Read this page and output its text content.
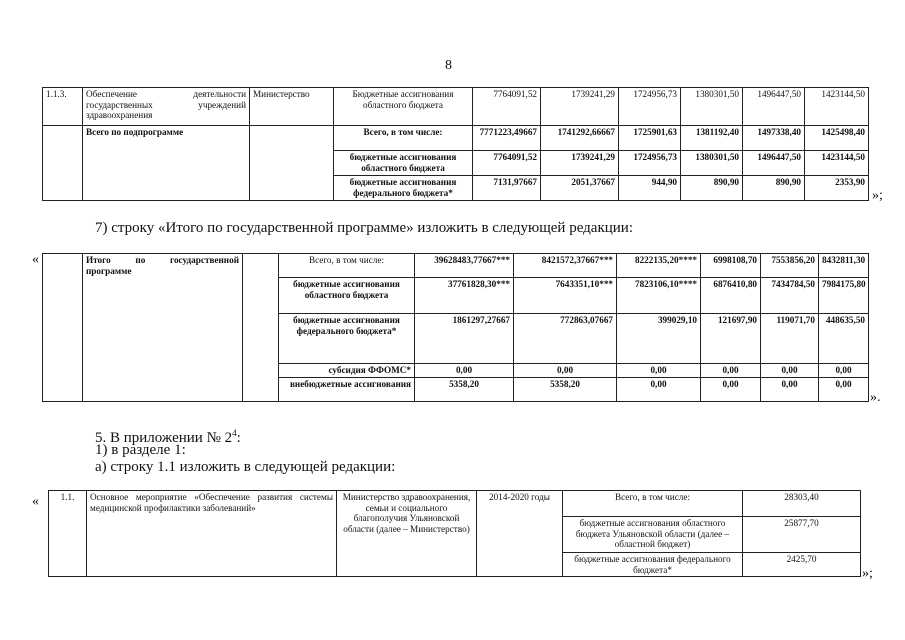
8
1.1.3.	Обеспечение деятельности государственных учреждений здравоохранения	Министерство	Бюджетные ассигнования областного бюджета	7764091,52	1739241,29	1724956,73	1380301,50	1496447,50	1423144,50
	Всего по подпрограмме		Всего, в том числе:	7771223,49667	1741292,66667	1725901,63	1381192,40	1497338,40	1425498,40
			бюджетные ассигнования областного бюджета	7764091,52	1739241,29	1724956,73	1380301,50	1496447,50	1423144,50
			бюджетные ассигнования федерального бюджета*	7131,97667	2051,37667	944,90	890,90	890,90	2353,90
»;
7) строку «Итого по государственной программе» изложить в следующей редакции:
«
		Итого по государственной программе		Всего, в том числе:	39628483,77667***	8421572,37667***	8222135,20****	6998108,70	7553856,20	8432811,30
			бюджетные ассигнования областного бюджета	37761828,30***	7643351,10***	7823106,10****	6876410,80	7434784,50	7984175,80
			бюджетные ассигнования федерального бюджета*	1861297,27667	772863,07667	399029,10	121697,90	119071,70	448635,50
			субсидия ФФОМС*	0,00	0,00	0,00	0,00	0,00	0,00
			внебюджетные ассигнования	5358,20	5358,20	0,00	0,00	0,00	0,00
».
5. В приложении № $2^4$:
1) в разделе 1:
а) строку 1.1 изложить в следующей редакции:
« 1.1.	Основное мероприятие «Обеспечение развития системы медицинской профилактики заболеваний»	Министерство здравоохранения, семьи и социального благополучия Ульяновской области (далее – Министерство)	2014-2020 годы	Всего, в том числе:	28303,40
				бюджетные ассигнования областного бюджета Ульяновской области (далее – областной бюджет)	25877,70
				бюджетные ассигнования федерального бюджета*	2425,70
»;
